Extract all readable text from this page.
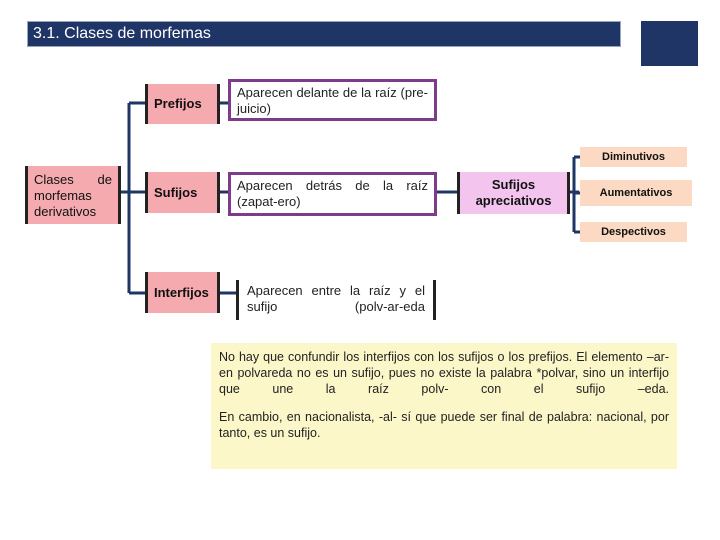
3.1. Clases de morfemas
Clases de morfemas derivativos
Prefijos
Aparecen delante de la raíz (pre-juicio)
Sufijos	Aparecen detrás de la raíz (zapat-ero)
Interfijos	Aparecen entre la raíz y el sufijo (polv-ar-eda
Sufijos apreciativos
Diminutivos
Aumentativos
Despectivos

No hay que confundir los interfijos con los sufijos o los prefijos. El elemento –ar- en polvareda no es un sufijo, pues no existe la palabra *polvar, sino un interfijo que une la raíz polv- con el sufijo –eda.

En cambio, en nacionalista, -al- sí que puede ser final de palabra: nacional, por tanto, es un sufijo.
